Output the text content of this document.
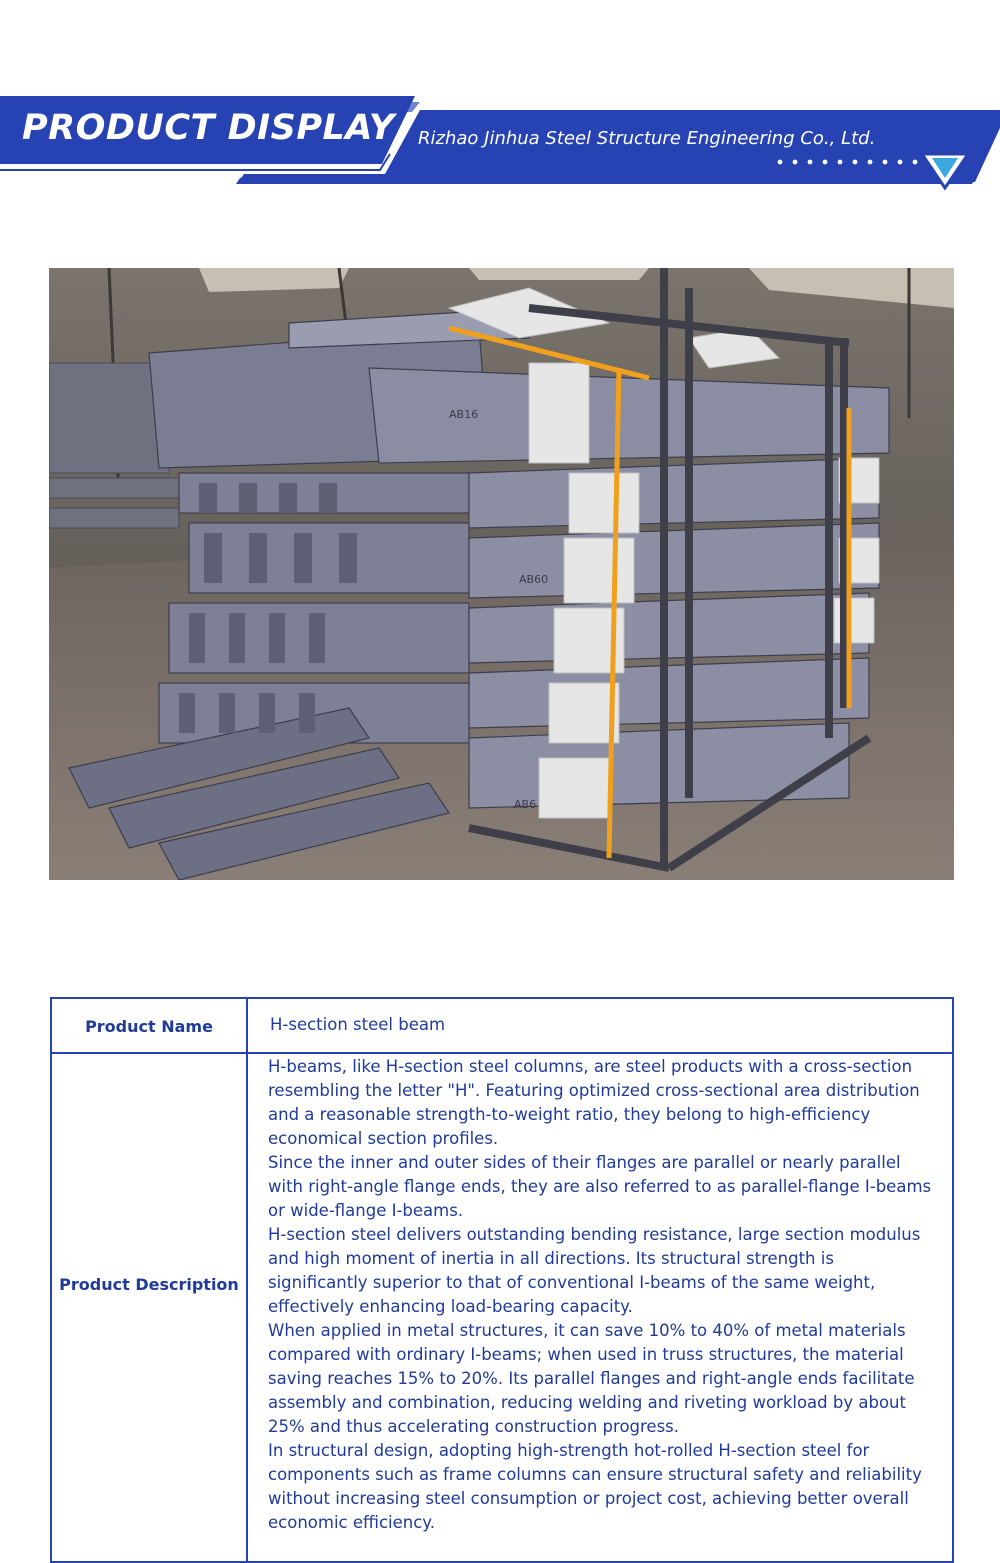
PRODUCT DISPLAY Rizhao Jinhua Steel Structure Engineering Co., Ltd.
AB16
AB60
AB6
Product Name	H-section steel beam
Product Description

H-beams, like H-section steel columns, are steel products with a cross-section resembling the letter "H". Featuring optimized cross-sectional area distribution and a reasonable strength-to-weight ratio, they belong to high-efficiency economical section profiles.

Since the inner and outer sides of their flanges are parallel or nearly parallel with right-angle flange ends, they are also referred to as parallel-flange I-beams or wide-flange I-beams.

H-section steel delivers outstanding bending resistance, large section modulus and high moment of inertia in all directions. Its structural strength is significantly superior to that of conventional I-beams of the same weight, effectively enhancing load-bearing capacity.

When applied in metal structures, it can save 10% to 40% of metal materials compared with ordinary I-beams; when used in truss structures, the material saving reaches 15% to 20%. Its parallel flanges and right-angle ends facilitate assembly and combination, reducing welding and riveting workload by about 25% and thus accelerating construction progress.

In structural design, adopting high-strength hot-rolled H-section steel for components such as frame columns can ensure structural safety and reliability without increasing steel consumption or project cost, achieving better overall economic efficiency.
